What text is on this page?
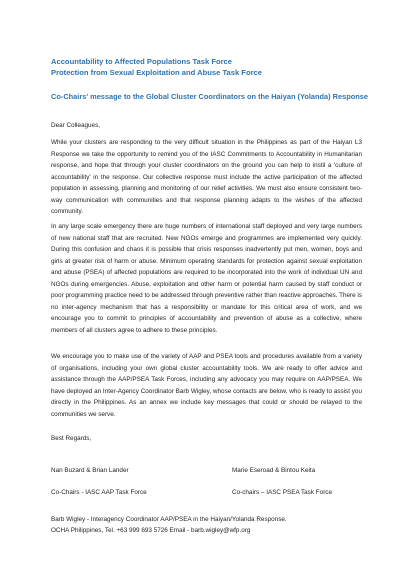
Accountability to Affected Populations Task Force
Protection from Sexual Exploitation and Abuse Task Force
Co-Chairs' message to the Global Cluster Coordinators on the Haiyan (Yolanda) Response
Dear Colleagues,
While your clusters are responding to the very difficult situation in the Philippines as part of the Haiyan L3 Response we take the opportunity to remind you of the IASC Commitments to Accountability in Humanitarian response, and hope that through your cluster coordinators on the ground you can help to instil a 'culture of accountability' in the response. Our collective response must include the active participation of the affected population in assessing, planning and monitoring of our relief activities. We must also ensure consistent two-way communication with communities and that response planning adapts to the wishes of the affected community.
In any large scale emergency there are huge numbers of international staff deployed and very large numbers of new national staff that are recruited. New NGOs emerge and programmes are implemented very quickly. During this confusion and chaos it is possible that crisis responses inadvertently put men, women, boys and girls at greater risk of harm or abuse. Minimum operating standards for protection against sexual exploitation and abuse (PSEA) of affected populations are required to be incorporated into the work of individual UN and NGOs during emergencies. Abuse, exploitation and other harm or potential harm caused by staff conduct or poor programming practice need to be addressed through preventive rather than reactive approaches. There is no inter-agency mechanism that has a responsibility or mandate for this critical area of work, and we encourage you to commit to principles of accountability and prevention of abuse as a collective, where members of all clusters agree to adhere to these principles.
We encourage you to make use of the variety of AAP and PSEA tools and procedures available from a variety of organisations, including your own global cluster accountability tools. We are ready to offer advice and assistance through the AAP/PSEA Task Forces, including any advocacy you may require on AAP/PSEA. We have deployed an Inter-Agency Coordinator Barb Wigley, whose contacts are below, who is ready to assist you directly in the Philippines. As an annex we include key messages that could or should be relayed to the communities we serve.
Best Regards,
Nan Buzard & Brian Lander	Marie Eseroad & Bintou Keita
Co-Chairs - IASC AAP Task Force	Co-chairs – IASC PSEA Task Force
Barb Wigley - Interagency Coordinator AAP/PSEA in the Haiyan/Yolanda Response.
OCHA Philippines, Tel. +63 999 693 5726 Email - barb.wigley@wfp.org
